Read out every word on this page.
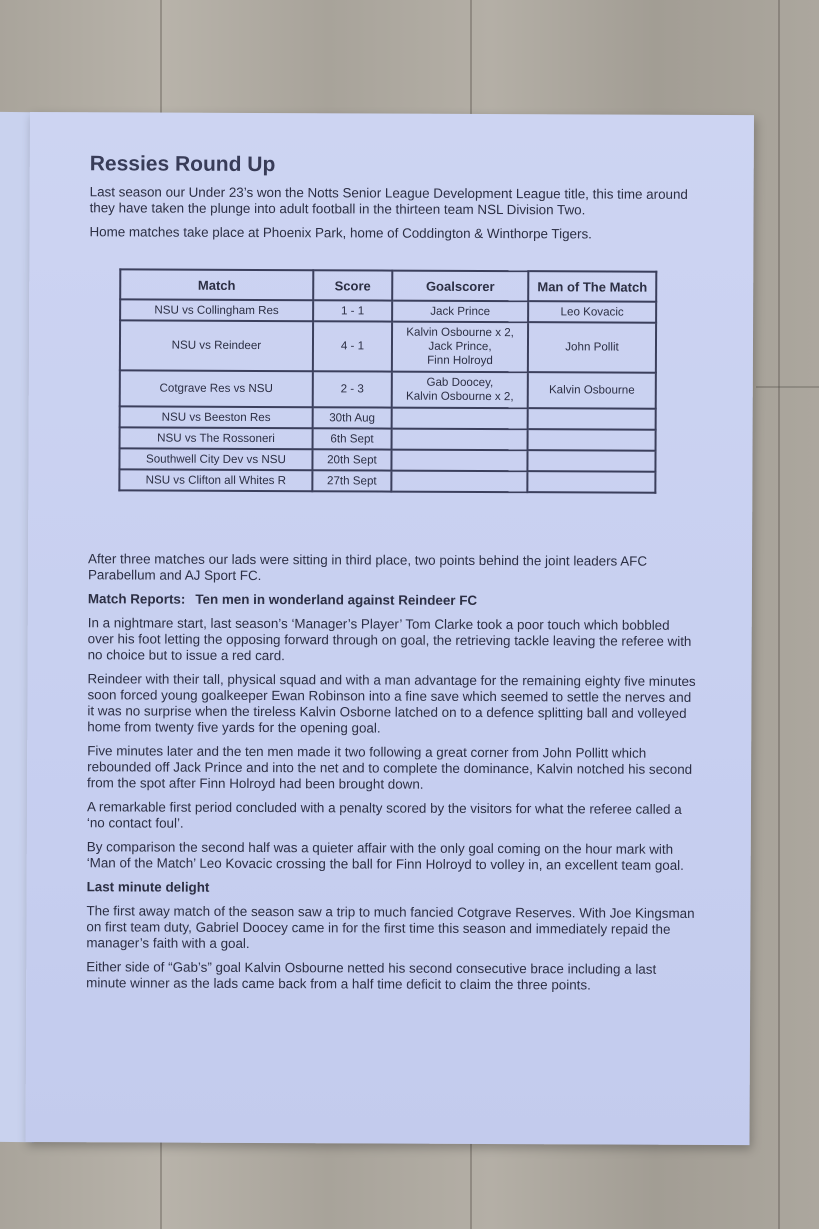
Ressies Round Up

Last season our Under 23’s won the Notts Senior League Development League title, this time around they have taken the plunge into adult football in the thirteen team NSL Division Two.

Home matches take place at Phoenix Park, home of Coddington & Winthorpe Tigers.

Match	Score	Goalscorer	Man of The Match
NSU vs Collingham Res	1 - 1	Jack Prince	Leo Kovacic
NSU vs Reindeer	4 - 1	Kalvin Osbourne x 2,
Jack Prince,
Finn Holroyd	John Pollit
Cotgrave Res vs NSU	2 - 3	Gab Doocey,
Kalvin Osbourne x 2,	Kalvin Osbourne
NSU vs Beeston Res	30th Aug		
NSU vs The Rossoneri	6th Sept		
Southwell City Dev vs NSU	20th Sept		
NSU vs Clifton all Whites R	27th Sept		

After three matches our lads were sitting in third place, two points behind the joint leaders AFC Parabellum and AJ Sport FC.

Match Reports: Ten men in wonderland against Reindeer FC

In a nightmare start, last season’s ‘Manager’s Player’ Tom Clarke took a poor touch which bobbled over his foot letting the opposing forward through on goal, the retrieving tackle leaving the referee with no choice but to issue a red card.

Reindeer with their tall, physical squad and with a man advantage for the remaining eighty five minutes soon forced young goalkeeper Ewan Robinson into a fine save which seemed to settle the nerves and it was no surprise when the tireless Kalvin Osborne latched on to a defence splitting ball and volleyed home from twenty five yards for the opening goal.

Five minutes later and the ten men made it two following a great corner from John Pollitt which rebounded off Jack Prince and into the net and to complete the dominance, Kalvin notched his second from the spot after Finn Holroyd had been brought down.

A remarkable first period concluded with a penalty scored by the visitors for what the referee called a ‘no contact foul’.

By comparison the second half was a quieter affair with the only goal coming on the hour mark with ‘Man of the Match’ Leo Kovacic crossing the ball for Finn Holroyd to volley in, an excellent team goal.

Last minute delight

The first away match of the season saw a trip to much fancied Cotgrave Reserves. With Joe Kingsman on first team duty, Gabriel Doocey came in for the first time this season and immediately repaid the manager’s faith with a goal.

Either side of “Gab’s” goal Kalvin Osbourne netted his second consecutive brace including a last minute winner as the lads came back from a half time deficit to claim the three points.
